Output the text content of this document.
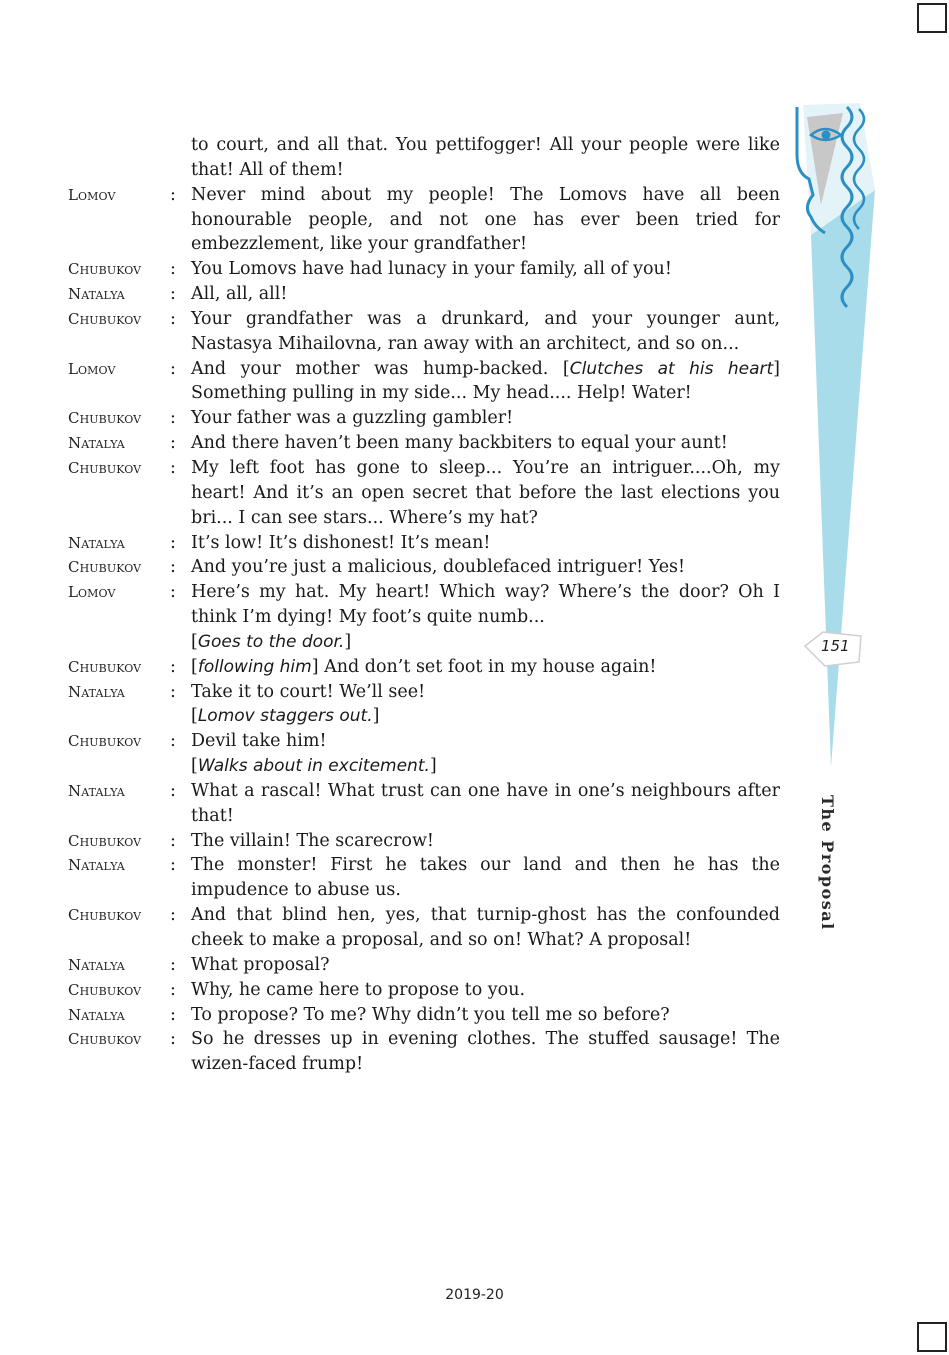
to court, and all that. You pettifogger! All your people were like that! All of them!
Lomov	: Never mind about my people! The Lomovs have all been honourable people, and not one has ever been tried for embezzlement, like your grandfather!
Chubukov	: You Lomovs have had lunacy in your family, all of you!
Natalya	: All, all, all!
Chubukov	: Your grandfather was a drunkard, and your younger aunt, Nastasya Mihailovna, ran away with an architect, and so on...
Lomov	: And your mother was hump-backed. [Clutches at his heart] Something pulling in my side... My head.... Help! Water!
Chubukov	: Your father was a guzzling gambler!
Natalya	: And there haven’t been many backbiters to equal your aunt!
Chubukov	: My left foot has gone to sleep... You’re an intriguer....Oh, my heart! And it’s an open secret that before the last elections you bri... I can see stars... Where’s my hat?
Natalya	: It’s low! It’s dishonest! It’s mean!
Chubukov	: And you’re just a malicious, doublefaced intriguer! Yes!
Lomov	: Here’s my hat. My heart! Which way? Where’s the door? Oh I think I’m dying! My foot’s quite numb...
[Goes to the door.]
Chubukov	: [following him] And don’t set foot in my house again!
Natalya	: Take it to court! We’ll see!
[Lomov staggers out.]
Chubukov	: Devil take him!
[Walks about in excitement.]
Natalya	: What a rascal! What trust can one have in one’s neighbours after that!
Chubukov	: The villain! The scarecrow!
Natalya	: The monster! First he takes our land and then he has the impudence to abuse us.
Chubukov	: And that blind hen, yes, that turnip-ghost has the confounded cheek to make a proposal, and so on! What? A proposal!
Natalya	: What proposal?
Chubukov	: Why, he came here to propose to you.
Natalya	: To propose? To me? Why didn’t you tell me so before?
Chubukov	: So he dresses up in evening clothes. The stuffed sausage! The wizen-faced frump!
151
The Proposal
2019-20
